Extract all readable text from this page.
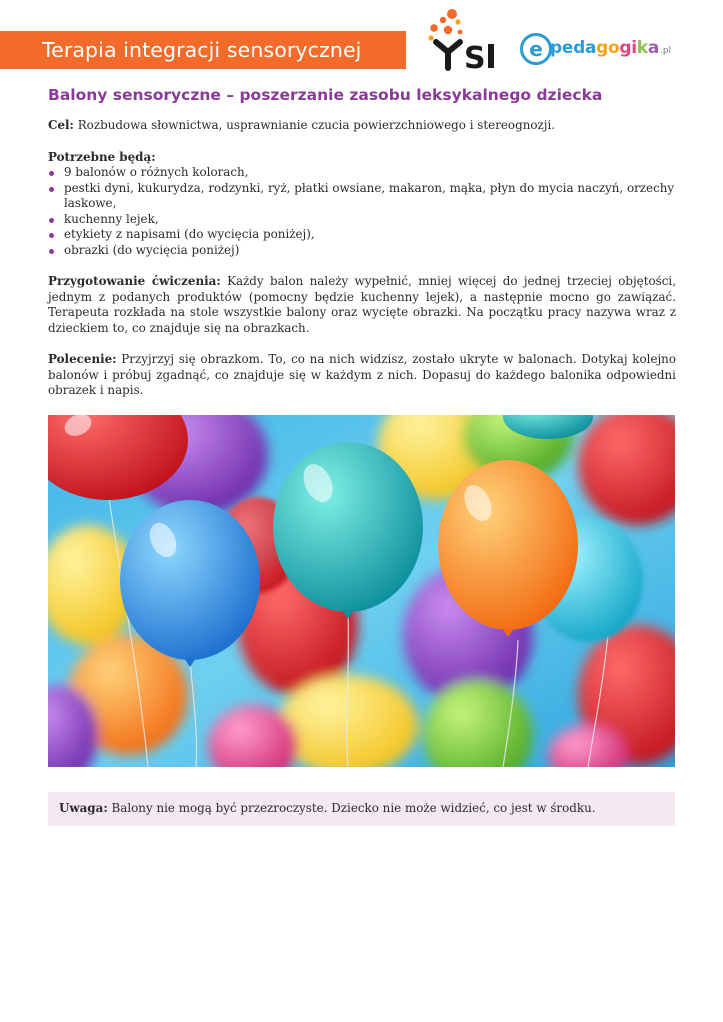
Terapia integracji sensorycznej	S	e pedagogika .pl
Balony sensoryczne – poszerzanie zasobu leksykalnego dziecka

Cel: Rozbudowa słownictwa, usprawnianie czucia powierzchniowego i stereognozji.

Potrzebne będą:

9 balonów o różnych kolorach,
pestki dyni, kukurydza, rodzynki, ryż, płatki owsiane, makaron, mąka, płyn do mycia naczyń, orzechy laskowe,
kuchenny lejek,
etykiety z napisami (do wycięcia poniżej),
obrazki (do wycięcia poniżej)

Przygotowanie ćwiczenia: Każdy balon należy wypełnić, mniej więcej do jednej trzeciej objętości, jednym z podanych produktów (pomocny będzie kuchenny lejek), a następnie mocno go zawiązać. Terapeuta rozkłada na stole wszystkie balony oraz wycięte obrazki. Na początku pracy nazywa wraz z dzieckiem to, co znajduje się na obrazkach.

Polecenie: Przyjrzyj się obrazkom. To, co na nich widzisz, zostało ukryte w balonach. Dotykaj kolejno balonów i próbuj zgadnąć, co znajduje się w każdym z nich. Dopasuj do każdego balonika odpowiedni obrazek i napis.

Uwaga: Balony nie mogą być przezroczyste. Dziecko nie może widzieć, co jest w środku.
